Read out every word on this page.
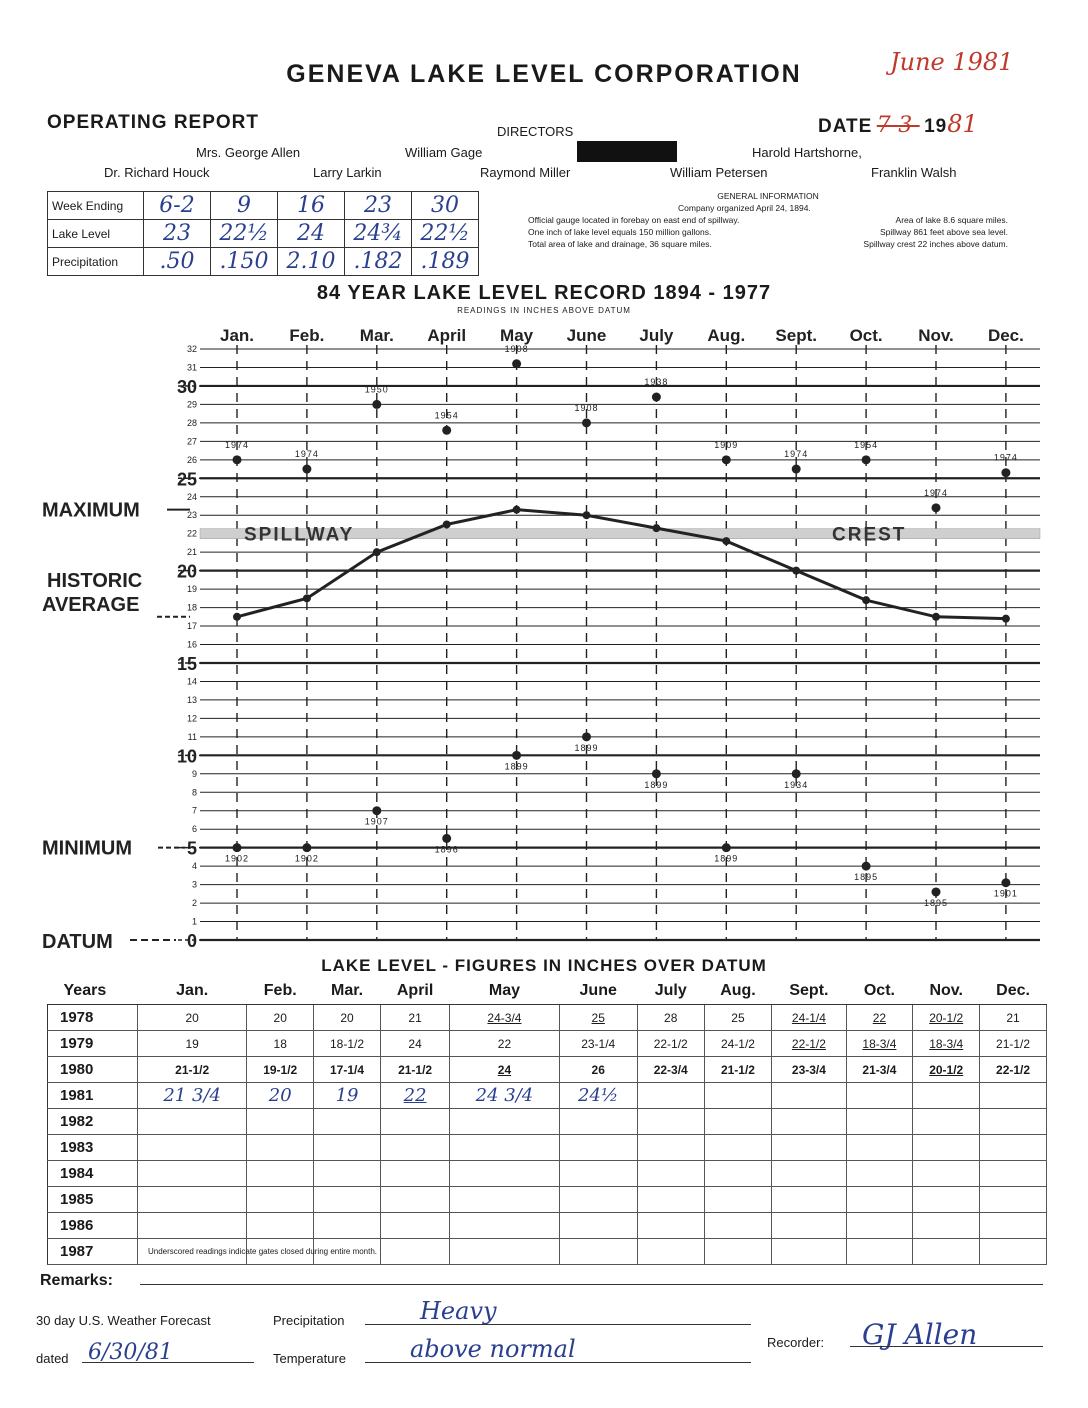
June 1981
GENEVA LAKE LEVEL CORPORATION
OPERATING REPORT	DIRECTORS	DATE 7-3- 1981
Mrs. George Allen	William Gage	Harold Hartshorne,
Dr. Richard Houck	Larry Larkin	Raymond Miller	William Petersen	Franklin Walsh
Week Ending	6-2	9	16	23	30
Lake Level	23	22½	24	24¾	22½
Precipitation	.50	.150	2.10	.182	.189
GENERAL INFORMATION
Company organized April 24, 1894.
Official gauge located in forebay on east end of spillway.	Area of lake 8.6 square miles.
One inch of lake level equals 150 million gallons.	Spillway 861 feet above sea level.
Total area of lake and drainage, 36 square miles.	Spillway crest 22 inches above datum.
84 YEAR LAKE LEVEL RECORD 1894 - 1977
READINGS IN INCHES ABOVE DATUM
0
1
2
3
4
5
6
7
8
9
10
11
12
13
14
15
16
17
18
19
20
21
22
23
24
25
26
27
28
29
30
31
32
Jan. Feb. Mar. April May June July Aug. Sept. Oct. Nov. Dec.
SPILLWAY	CREST
1974
1974
1950
1954
1908
1908
1938
1909
1974
1954
1974
1974
1902	1902
1907
1896
1899
1899
1899
1899
1934
1895
1895
1901
MAXIMUM
HISTORIC
AVERAGE
MINIMUM
DATUM
LAKE LEVEL - FIGURES IN INCHES OVER DATUM
Years	Jan.	Feb.	Mar.	April	May	June	July	Aug.	Sept.	Oct.	Nov.	Dec.
1978	20	20	20	21	24-3/4	25	28	25	24-1/4	22	20-1/2	21
1979	19	18	18-1/2	24	22	23-1/4	22-1/2	24-1/2	22-1/2	18-3/4	18-3/4	21-1/2
1980	21-1/2	19-1/2	17-1/4	21-1/2	24	26	22-3/4	21-1/2	23-3/4	21-3/4	20-1/2	22-1/2
1981	21 3/4	20	19	22	24 3/4	24½						
1982												
1983												
1984												
1985												
1986												
1987													Underscored readings indicate gates closed during entire month.
Remarks:
30 day U.S. Weather Forecast
dated 6/30/81
Precipitation	Heavy
Temperature	above normal	Recorder: GJ Allen
